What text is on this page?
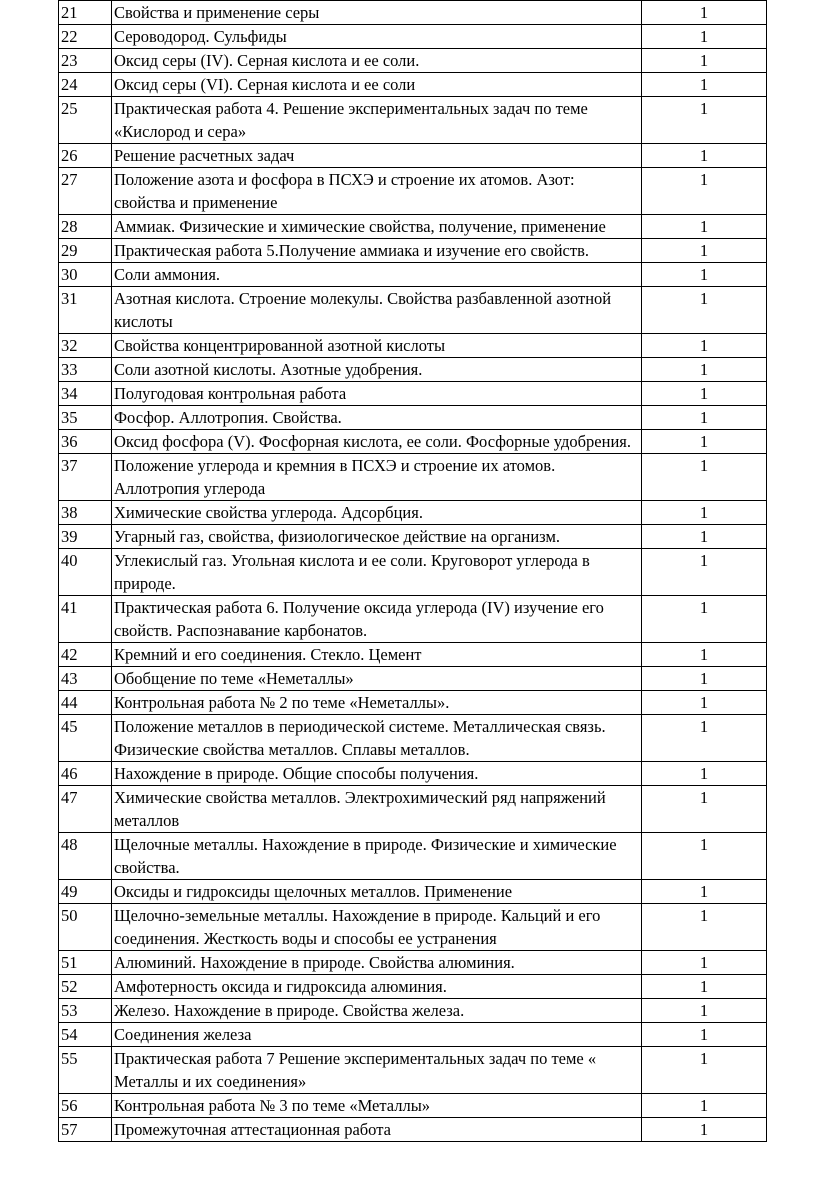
21	Свойства и применение серы	1
22	Сероводород. Сульфиды	1
23	Оксид серы (IV). Серная кислота и ее соли.	1
24	Оксид серы (VI). Серная кислота и ее соли	1
25	Практическая работа 4. Решение экспериментальных задач по теме «Кислород и сера»	1
26	Решение расчетных задач	1
27	Положение азота и фосфора в ПСХЭ и строение их атомов. Азот: свойства и применение	1
28	Аммиак. Физические и химические свойства, получение, применение	1
29	Практическая работа 5.Получение аммиака и изучение его свойств.	1
30	Соли аммония.	1
31	Азотная кислота. Строение молекулы. Свойства разбавленной азотной кислоты	1
32	Свойства концентрированной азотной кислоты	1
33	Соли азотной кислоты. Азотные удобрения.	1
34	Полугодовая контрольная работа	1
35	Фосфор. Аллотропия. Свойства.	1
36	Оксид фосфора (V). Фосфорная кислота, ее соли. Фосфорные удобрения.	1
37	Положение углерода и кремния в ПСХЭ и строение их атомов. Аллотропия углерода	1
38	Химические свойства углерода. Адсорбция.	1
39	Угарный газ, свойства, физиологическое действие на организм.	1
40	Углекислый газ. Угольная кислота и ее соли. Круговорот углерода в природе.	1
41	Практическая работа 6. Получение оксида углерода (IV) изучение его свойств. Распознавание карбонатов.	1
42	Кремний и его соединения. Стекло. Цемент	1
43	Обобщение по теме «Неметаллы»	1
44	Контрольная работа № 2 по теме «Неметаллы».	1
45	Положение металлов в периодической системе. Металлическая связь. Физические свойства металлов. Сплавы металлов.	1
46	Нахождение в природе. Общие способы получения.	1
47	Химические свойства металлов. Электрохимический ряд напряжений металлов	1
48	Щелочные металлы. Нахождение в природе. Физические и химические свойства.	1
49	Оксиды и гидроксиды щелочных металлов. Применение	1
50	Щелочно-земельные металлы. Нахождение в природе. Кальций и его соединения. Жесткость воды и способы ее устранения	1
51	Алюминий. Нахождение в природе. Свойства алюминия.	1
52	Амфотерность оксида и гидроксида алюминия.	1
53	Железо. Нахождение в природе. Свойства железа.	1
54	Соединения железа	1
55	Практическая работа 7 Решение экспериментальных задач по теме « Металлы и их соединения»	1
56	Контрольная работа № 3 по теме «Металлы»	1
57	Промежуточная аттестационная работа	1
